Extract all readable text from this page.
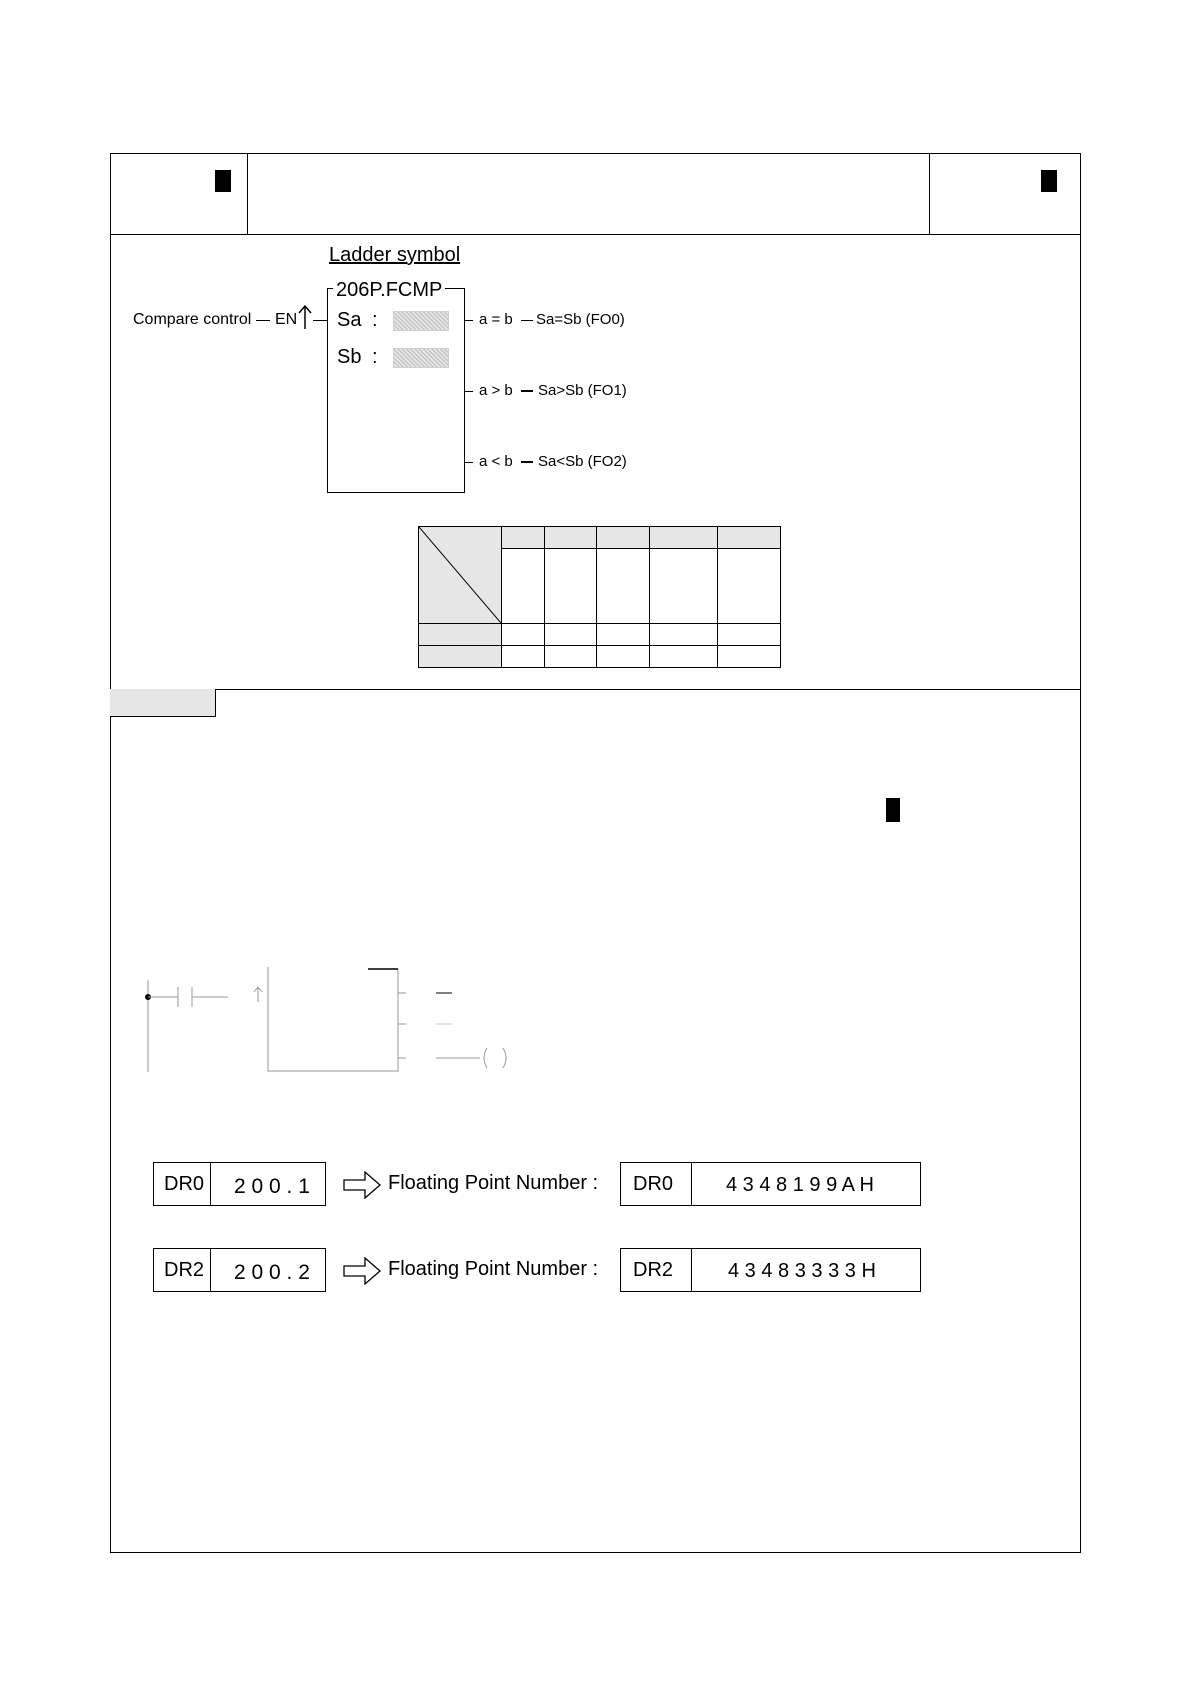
Ladder symbol
206P.FCMP
Compare control EN Sa :
Sb :
a = b Sa=Sb (FO0)
a > b Sa>Sb (FO1)
a < b Sa<Sb (FO2)

DR0 2 0 0 . 1	Floating Point Number : DR0	4 3 4 8 1 9 9 A H
DR2 2 0 0 . 2	Floating Point Number : DR2	4 3 4 8 3 3 3 3 H
